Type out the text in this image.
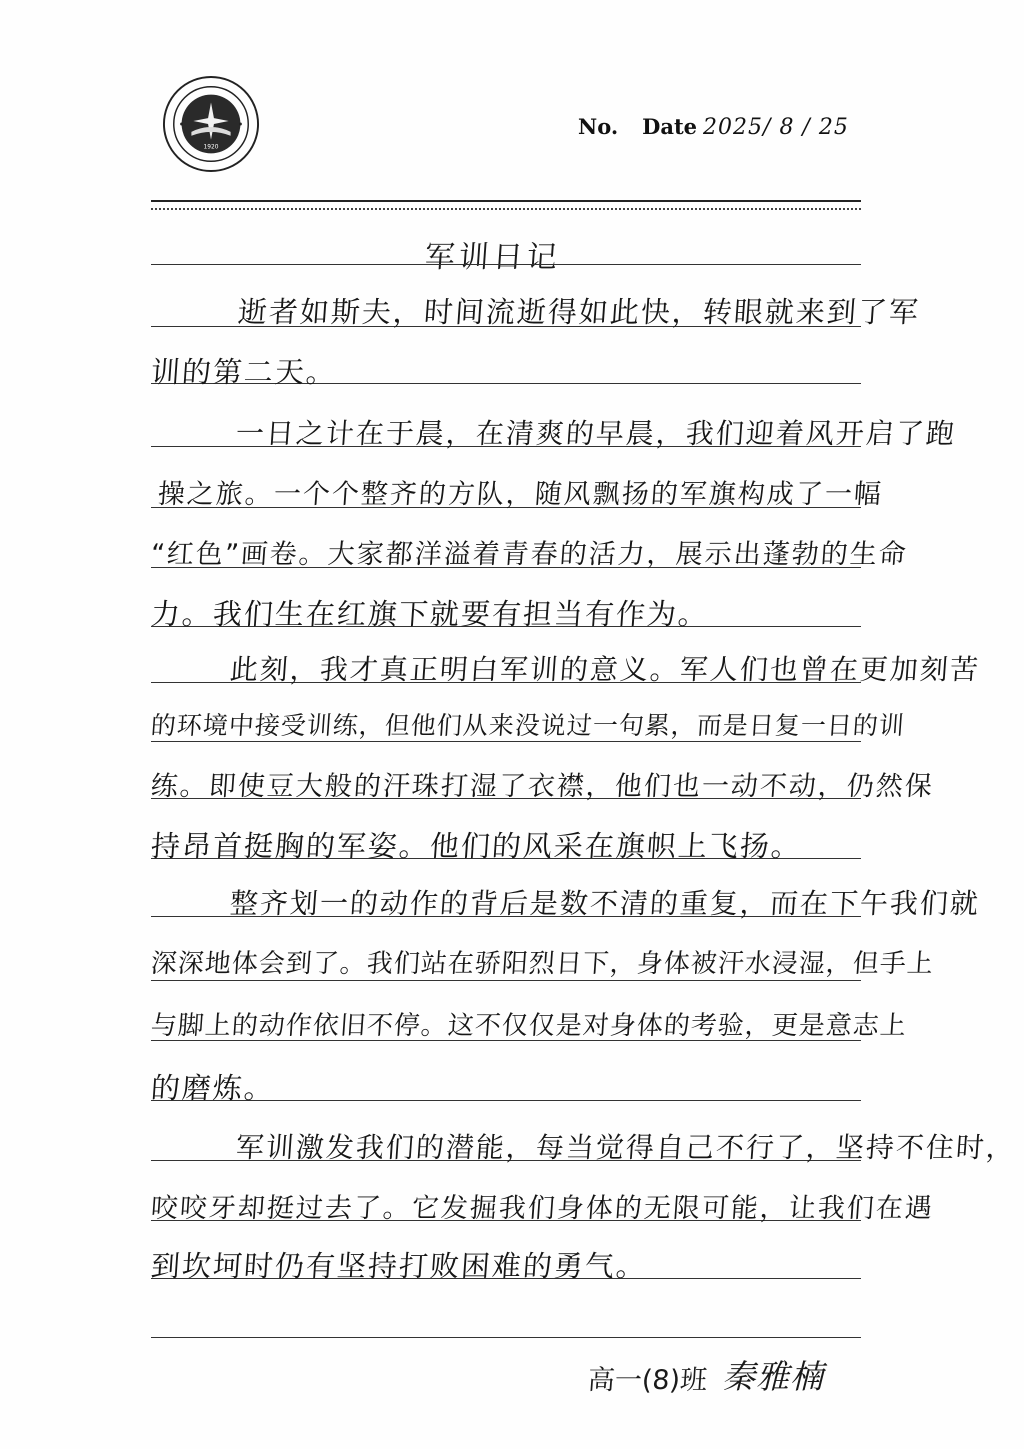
1920
No. Date 2025/ 8 / 25
军训日记
逝者如斯夫，时间流逝得如此快，转眼就来到了军
训的第二天。
一日之计在于晨，在清爽的早晨，我们迎着风开启了跑
操之旅。一个个整齐的方队，随风飘扬的军旗构成了一幅
“红色”画卷。大家都洋溢着青春的活力，展示出蓬勃的生命
力。我们生在红旗下就要有担当有作为。
此刻，我才真正明白军训的意义。军人们也曾在更加刻苦
的环境中接受训练，但他们从来没说过一句累，而是日复一日的训
练。即使豆大般的汗珠打湿了衣襟，他们也一动不动，仍然保
持昂首挺胸的军姿。他们的风采在旗帜上飞扬。
整齐划一的动作的背后是数不清的重复，而在下午我们就
深深地体会到了。我们站在骄阳烈日下，身体被汗水浸湿，但手上
与脚上的动作依旧不停。这不仅仅是对身体的考验，更是意志上
的磨炼。
军训激发我们的潜能，每当觉得自己不行了，坚持不住时，
咬咬牙却挺过去了。它发掘我们身体的无限可能，让我们在遇
到坎坷时仍有坚持打败困难的勇气。
高一(8)班 秦雅楠
